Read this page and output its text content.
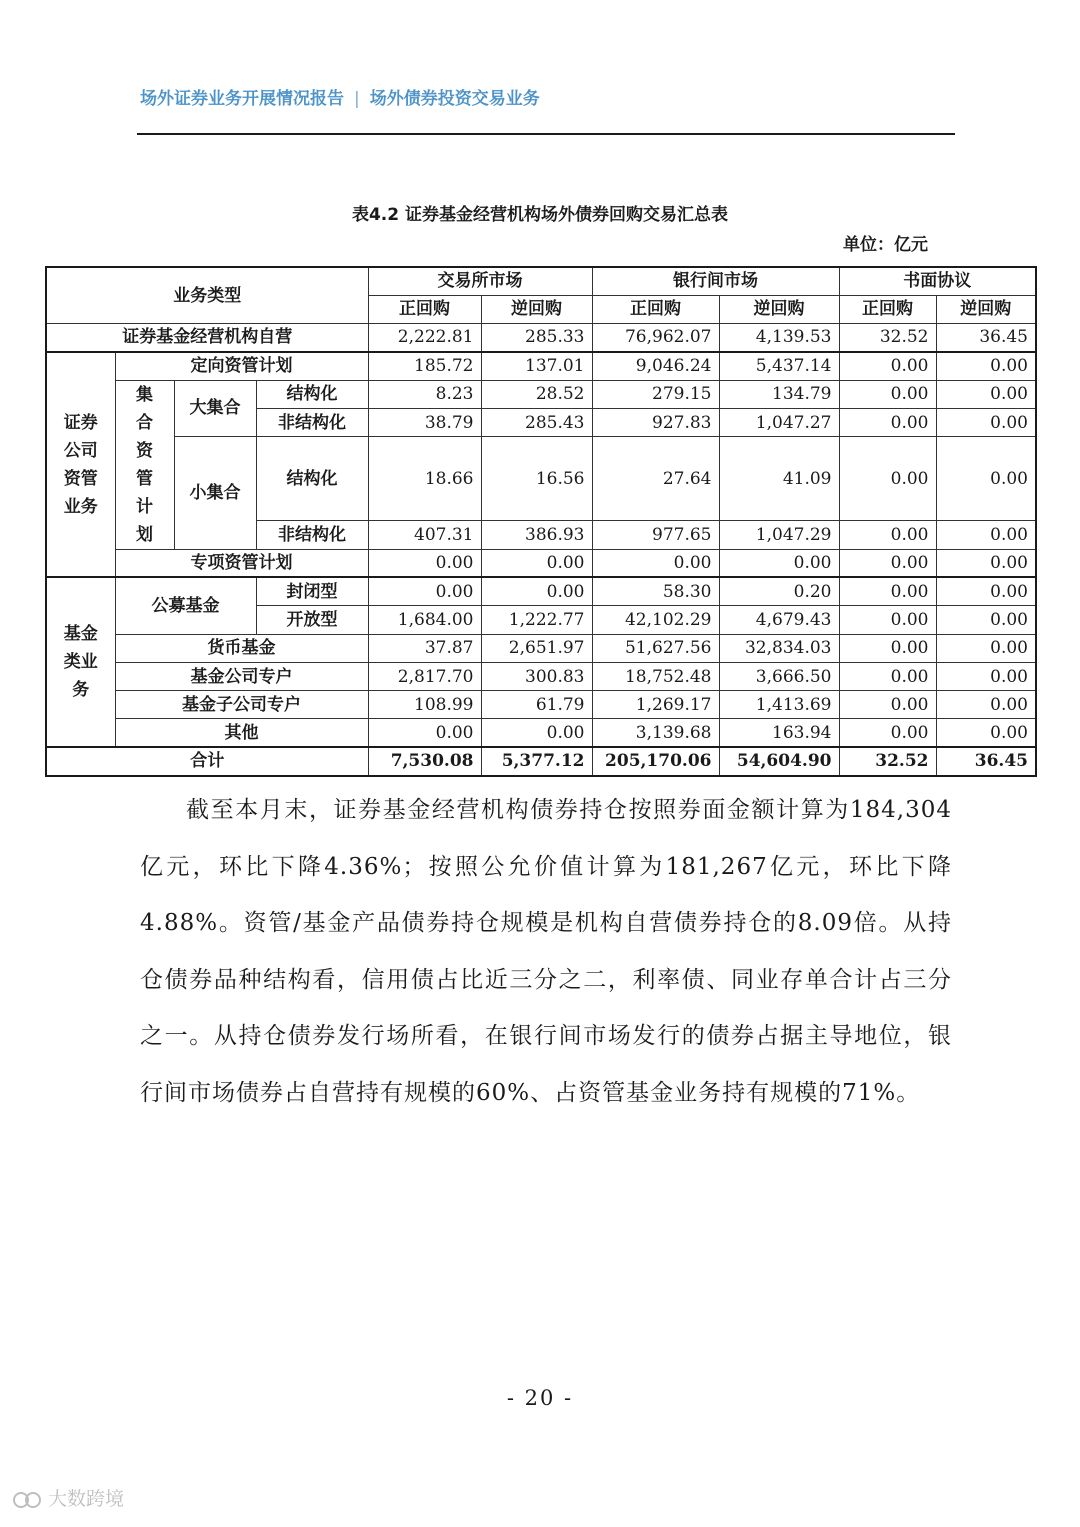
场外证券业务开展情况报告 | 场外债券投资交易业务
表4.2 证券基金经营机构场外债券回购交易汇总表
单位：亿元
业务类型				交易所市场		银行间市场		书面协议	
				正回购	逆回购	正回购	逆回购	正回购	逆回购
证券基金经营机构自营				2,222.81	285.33	76,962.07	4,139.53	32.52	36.45
证券公司资管业务	定向资管计划			185.72	137.01	9,046.24	5,437.14	0.00	0.00
	集合资管计划	大集合	结构化	8.23	28.52	279.15	134.79	0.00	0.00
			非结构化	38.79	285.43	927.83	1,047.27	0.00	0.00
		小集合	结构化	18.66	16.56	27.64	41.09	0.00	0.00
			非结构化	407.31	386.93	977.65	1,047.29	0.00	0.00
	专项资管计划			0.00	0.00	0.00	0.00	0.00	0.00
基金类业务	公募基金		封闭型	0.00	0.00	58.30	0.20	0.00	0.00
			开放型	1,684.00	1,222.77	42,102.29	4,679.43	0.00	0.00
	货币基金			37.87	2,651.97	51,627.56	32,834.03	0.00	0.00
	基金公司专户			2,817.70	300.83	18,752.48	3,666.50	0.00	0.00
	基金子公司专户			108.99	61.79	1,269.17	1,413.69	0.00	0.00
	其他			0.00	0.00	3,139.68	163.94	0.00	0.00
合计				7,530.08	5,377.12	205,170.06	54,604.90	32.52	36.45

截至本月末，证券基金经营机构债券持仓按照券面金额计算为184,304亿元，环比下降4.36%；按照公允价值计算为181,267亿元，环比下降 4.88%。资管/基金产品债券持仓规模是机构自营债券持仓的8.09倍。从持仓债券品种结构看，信用债占比近三分之二，利率债、同业存单合计占三分之一。从持仓债券发行场所看，在银行间市场发行的债券占据主导地位，银行间市场债券占自营持有规模的60%、占资管基金业务持有规模的71%。

- 20 -
大数跨境
